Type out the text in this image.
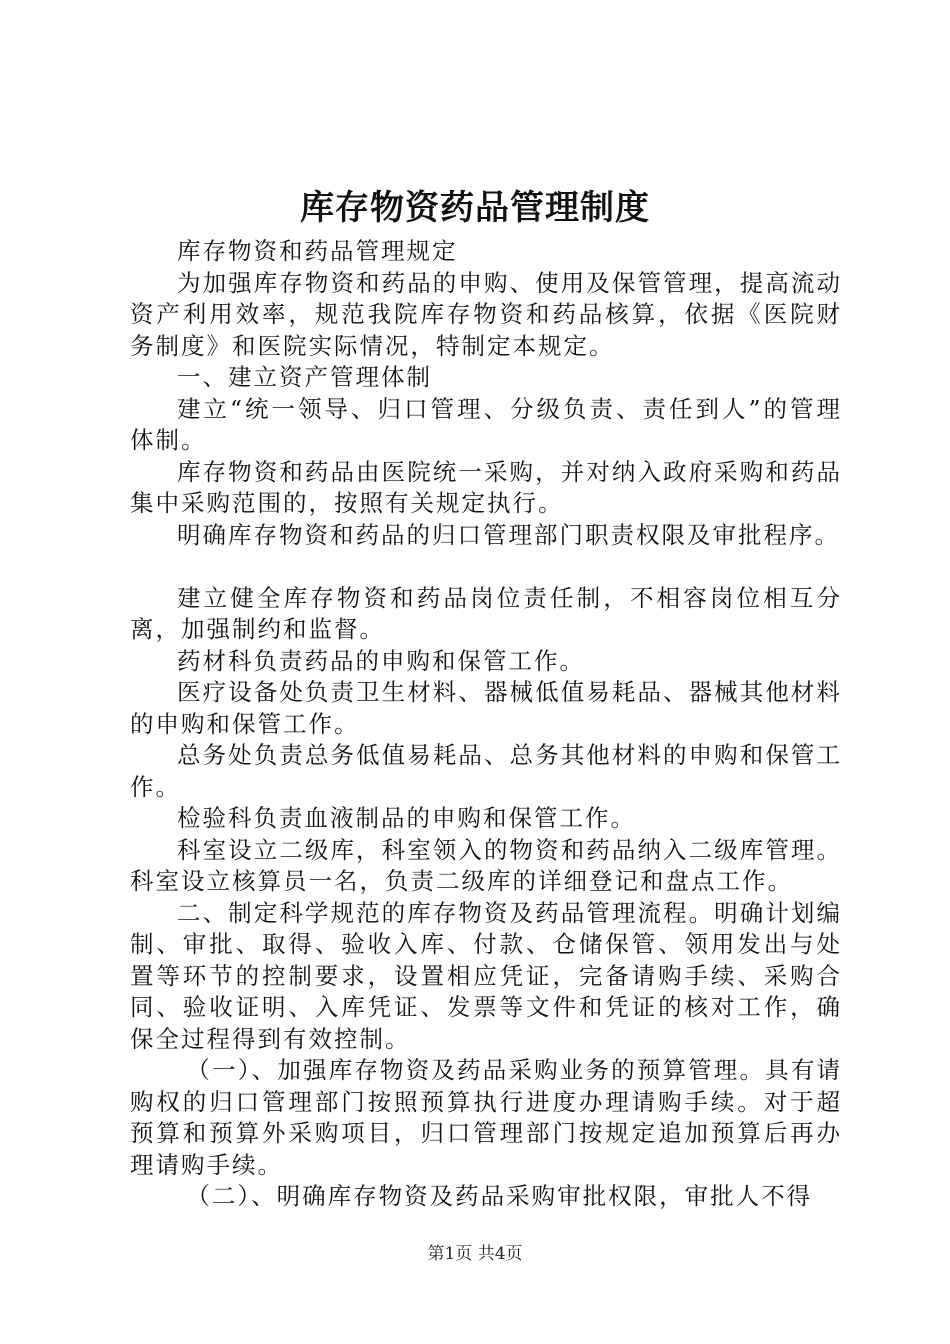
库存物资药品管理制度

库存物资和药品管理规定

为加强库存物资和药品的申购、使用及保管管理，提高流动资产利用效率，规范我院库存物资和药品核算，依据《医院财务制度》和医院实际情况，特制定本规定。

一、建立资产管理体制

建立“统一领导、归口管理、分级负责、责任到人”的管理体制。

库存物资和药品由医院统一采购，并对纳入政府采购和药品集中采购范围的，按照有关规定执行。

明确库存物资和药品的归口管理部门职责权限及审批程序。

建立健全库存物资和药品岗位责任制，不相容岗位相互分离，加强制约和监督。

药材科负责药品的申购和保管工作。

医疗设备处负责卫生材料、器械低值易耗品、器械其他材料的申购和保管工作。

总务处负责总务低值易耗品、总务其他材料的申购和保管工作。

检验科负责血液制品的申购和保管工作。

科室设立二级库，科室领入的物资和药品纳入二级库管理。科室设立核算员一名，负责二级库的详细登记和盘点工作。

二、制定科学规范的库存物资及药品管理流程。明确计划编制、审批、取得、验收入库、付款、仓储保管、领用发出与处置等环节的控制要求，设置相应凭证，完备请购手续、采购合同、验收证明、入库凭证、发票等文件和凭证的核对工作，确保全过程得到有效控制。

（一）、加强库存物资及药品采购业务的预算管理。具有请购权的归口管理部门按照预算执行进度办理请购手续。对于超预算和预算外采购项目，归口管理部门按规定追加预算后再办理请购手续。

（二）、明确库存物资及药品采购审批权限，审批人不得

第1页 共4页
